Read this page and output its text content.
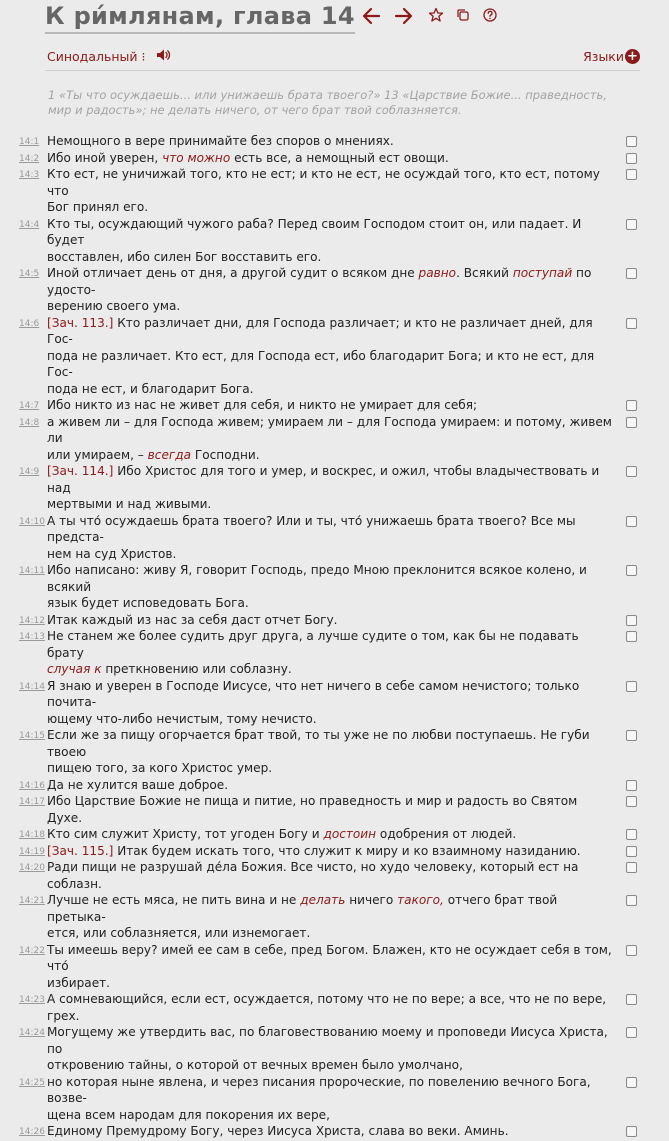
К ри́млянам, глава 14
Синодальный ⁝	Языки +
1 «Ты что осуждаешь... или унижаешь брата твоего?» 13 «Царствие Божие... праведность, мир и радость»; не делать ничего, от чего брат твой соблазняется.
14:1 Немощного в вере принимайте без споров о мнениях.
14:2 Ибо иной уверен, что можно есть все, а немощный ест овощи.
14:3 Кто ест, не уничижай того, кто не ест; и кто не ест, не осуждай того, кто ест, потому что
Бог принял его.
14:4 Кто ты, осуждающий чужого раба? Перед своим Господом стоит он, или падает. И будет
восставлен, ибо силен Бог восставить его.
14:5 Иной отличает день от дня, а другой судит о всяком дне равно. Всякий поступай по удосто-
верению своего ума.
14:6 [Зач. 113.] Кто различает дни, для Господа различает; и кто не различает дней, для Гос-
пода не различает. Кто ест, для Господа ест, ибо благодарит Бога; и кто не ест, для Гос-
пода не ест, и благодарит Бога.
14:7 Ибо никто из нас не живет для себя, и никто не умирает для себя;
14:8 а живем ли – для Господа живем; умираем ли – для Господа умираем: и потому, живем ли
или умираем, – всегда Господни.
14:9 [Зач. 114.] Ибо Христос для того и умер, и воскрес, и ожил, чтобы владычествовать и над
мертвыми и над живыми.
14:10 А ты что́ осуждаешь брата твоего? Или и ты, что́ унижаешь брата твоего? Все мы предста-
нем на суд Христов.
14:11 Ибо написано: живу Я, говорит Господь, предо Мною преклонится всякое колено, и всякий
язык будет исповедовать Бога.
14:12 Итак каждый из нас за себя даст отчет Богу.
14:13 Не станем же более судить друг друга, а лучше судите о том, как бы не подавать брату
случая к преткновению или соблазну.
14:14 Я знаю и уверен в Господе Иисусе, что нет ничего в себе самом нечистого; только почита-
ющему что-либо нечистым, тому нечисто.
14:15 Если же за пищу огорчается брат твой, то ты уже не по любви поступаешь. Не губи твоею
пищею того, за кого Христос умер.
14:16 Да не хулится ваше доброе.
14:17 Ибо Царствие Божие не пища и питие, но праведность и мир и радость во Святом Духе.
14:18 Кто сим служит Христу, тот угоден Богу и достоин одобрения от людей.
14:19 [Зач. 115.] Итак будем искать того, что служит к миру и ко взаимному назиданию.
14:20 Ради пищи не разрушай де́ла Божия. Все чисто, но худо человеку, который ест на соблазн.
14:21 Лучше не есть мяса, не пить вина и не делать ничего такого, отчего брат твой претыка-
ется, или соблазняется, или изнемогает.
14:22 Ты имеешь веру? имей ее сам в себе, пред Богом. Блажен, кто не осуждает себя в том, что́
избирает.
14:23 А сомневающийся, если ест, осуждается, потому что не по вере; а все, что не по вере,
грех.
14:24 Могущему же утвердить вас, по благовествованию моему и проповеди Иисуса Христа, по
откровению тайны, о которой от вечных времен было умолчано,
14:25 но которая ныне явлена, и через писания пророческие, по повелению вечного Бога, возве-
щена всем народам для покорения их вере,
14:26 Единому Премудрому Богу, через Иисуса Христа, слава во веки. Аминь.
